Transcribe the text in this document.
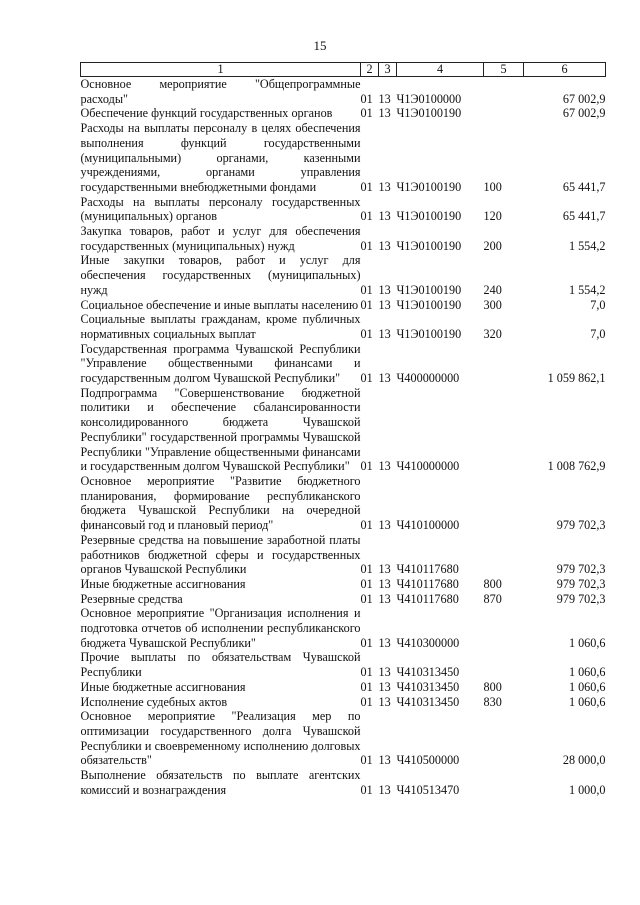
15
1	2	3	4	5	6
Основное мероприятие "Общепрограммные расходы"	01	13	Ч1Э0100000		67 002,9
Обеспечение функций государственных органов	01	13	Ч1Э0100190		67 002,9
Расходы на выплаты персоналу в целях обеспечения выполнения функций государственными (муниципальными) органами, казенными учреждениями, органами управления государственными внебюджетными фондами	01	13	Ч1Э0100190	100	65 441,7
Расходы на выплаты персоналу государственных (муниципальных) органов	01	13	Ч1Э0100190	120	65 441,7
Закупка товаров, работ и услуг для обеспечения государственных (муниципальных) нужд	01	13	Ч1Э0100190	200	1 554,2
Иные закупки товаров, работ и услуг для обеспечения государственных (муниципальных) нужд	01	13	Ч1Э0100190	240	1 554,2
Социальное обеспечение и иные выплаты населению	01	13	Ч1Э0100190	300	7,0
Социальные выплаты гражданам, кроме публичных нормативных социальных выплат	01	13	Ч1Э0100190	320	7,0
Государственная программа Чувашской Республики "Управление общественными финансами и государственным долгом Чувашской Республики"	01	13	Ч400000000		1 059 862,1
Подпрограмма "Совершенствование бюджетной политики и обеспечение сбалансированности консолидированного бюджета Чувашской Республики" государственной программы Чувашской Республики "Управление общественными финансами и государственным долгом Чувашской Республики"	01	13	Ч410000000		1 008 762,9
Основное мероприятие "Развитие бюджетного планирования, формирование республиканского бюджета Чувашской Республики на очередной финансовый год и плановый период"	01	13	Ч410100000		979 702,3
Резервные средства на повышение заработной платы работников бюджетной сферы и государственных органов Чувашской Республики	01	13	Ч410117680		979 702,3
Иные бюджетные ассигнования	01	13	Ч410117680	800	979 702,3
Резервные средства	01	13	Ч410117680	870	979 702,3
Основное мероприятие "Организация исполнения и подготовка отчетов об исполнении республиканского бюджета Чувашской Республики"	01	13	Ч410300000		1 060,6
Прочие выплаты по обязательствам Чувашской Республики	01	13	Ч410313450		1 060,6
Иные бюджетные ассигнования	01	13	Ч410313450	800	1 060,6
Исполнение судебных актов	01	13	Ч410313450	830	1 060,6
Основное мероприятие "Реализация мер по оптимизации государственного долга Чувашской Республики и своевременному исполнению долговых обязательств"	01	13	Ч410500000		28 000,0
Выполнение обязательств по выплате агентских комиссий и вознаграждения	01	13	Ч410513470		1 000,0
